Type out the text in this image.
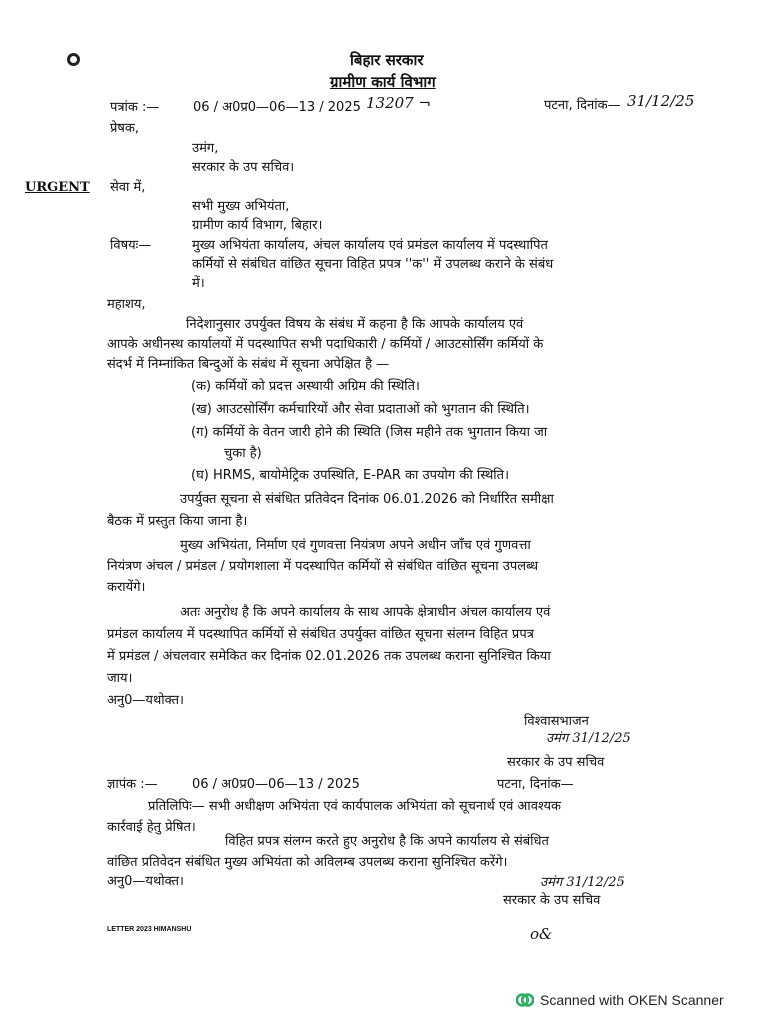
बिहार सरकार
ग्रामीण कार्य विभाग
पत्रांक :—	06 / अ0प्र0—06—13 / 2025 13207 ¬	पटना, दिनांक— 31/12/25
प्रेषक,
उमंग,
सरकार के उप सचिव।
URGENT सेवा में,
सभी मुख्य अभियंता,
ग्रामीण कार्य विभाग, बिहार।
विषयः—	मुख्य अभियंता कार्यालय, अंचल कार्यालय एवं प्रमंडल कार्यालय में पदस्थापित
कर्मियों से संबंधित वांछित सूचना विहित प्रपत्र ''क'' में उपलब्ध कराने के संबंध
में।
महाशय,
निदेशानुसार उपर्युक्त विषय के संबंध में कहना है कि आपके कार्यालय एवं
आपके अधीनस्थ कार्यालयों में पदस्थापित सभी पदाधिकारी / कर्मियों / आउटसोर्सिंग कर्मियों के
संदर्भ में निम्नांकित बिन्दुओं के संबंध में सूचना अपेक्षित है —
(क) कर्मियों को प्रदत्त अस्थायी अग्रिम की स्थिति।
(ख) आउटसोर्सिंग कर्मचारियों और सेवा प्रदाताओं को भुगतान की स्थिति।
(ग) कर्मियों के वेतन जारी होने की स्थिति (जिस महीने तक भुगतान किया जा
चुका है)
(घ) HRMS, बायोमेट्रिक उपस्थिति, E-PAR का उपयोग की स्थिति।
उपर्युक्त सूचना से संबंधित प्रतिवेदन दिनांक 06.01.2026 को निर्धारित समीक्षा
बैठक में प्रस्तुत किया जाना है।
मुख्य अभियंता, निर्माण एवं गुणवत्ता नियंत्रण अपने अधीन जाँच एवं गुणवत्ता
नियंत्रण अंचल / प्रमंडल / प्रयोगशाला में पदस्थापित कर्मियों से संबंधित वांछित सूचना उपलब्ध
करायेंगे।
अतः अनुरोध है कि अपने कार्यालय के साथ आपके क्षेत्राधीन अंचल कार्यालय एवं
प्रमंडल कार्यालय में पदस्थापित कर्मियों से संबंधित उपर्युक्त वांछित सूचना संलग्न विहित प्रपत्र
में प्रमंडल / अंचलवार समेकित कर दिनांक 02.01.2026 तक उपलब्ध कराना सुनिश्चित किया
जाय।
अनु0—यथोक्त।
विश्वासभाजन
उमंग 31/12/25
सरकार के उप सचिव
ज्ञापंक :—	06 / अ0प्र0—06—13 / 2025	पटना, दिनांक—
प्रतिलिपिः— सभी अधीक्षण अभियंता एवं कार्यपालक अभियंता को सूचनार्थ एवं आवश्यक
कार्रवाई हेतु प्रेषित।
विहित प्रपत्र संलग्न करते हुए अनुरोध है कि अपने कार्यालय से संबंधित
वांछित प्रतिवेदन संबंधित मुख्य अभियंता को अविलम्ब उपलब्ध कराना सुनिश्चित करेंगे।
अनु0—यथोक्त।	उमंग 31/12/25
सरकार के उप सचिव
LETTER 2023 HIMANSHU	o&
Scanned with OKEN Scanner
